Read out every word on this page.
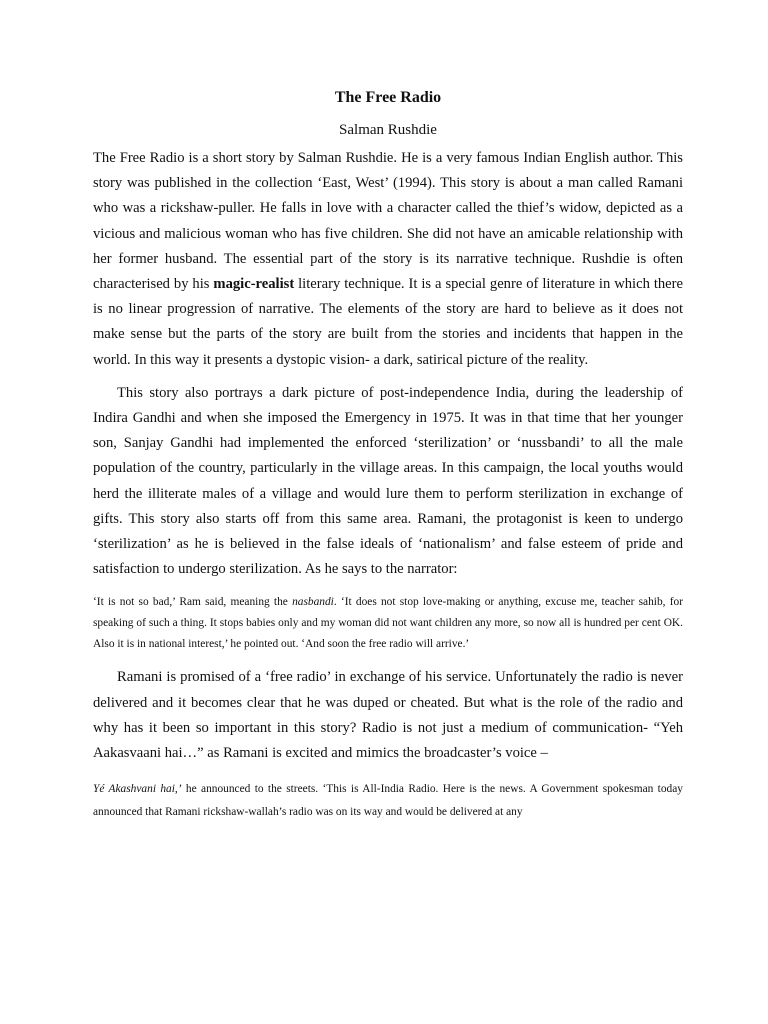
The Free Radio

Salman Rushdie

The Free Radio is a short story by Salman Rushdie. He is a very famous Indian English author. This story was published in the collection ‘East, West’ (1994). This story is about a man called Ramani who was a rickshaw-puller. He falls in love with a character called the thief’s widow, depicted as a vicious and malicious woman who has five children. She did not have an amicable relationship with her former husband. The essential part of the story is its narrative technique. Rushdie is often characterised by his magic-realist literary technique. It is a special genre of literature in which there is no linear progression of narrative. The elements of the story are hard to believe as it does not make sense but the parts of the story are built from the stories and incidents that happen in the world. In this way it presents a dystopic vision- a dark, satirical picture of the reality.

This story also portrays a dark picture of post-independence India, during the leadership of Indira Gandhi and when she imposed the Emergency in 1975. It was in that time that her younger son, Sanjay Gandhi had implemented the enforced ‘sterilization’ or ‘nussbandi’ to all the male population of the country, particularly in the village areas. In this campaign, the local youths would herd the illiterate males of a village and would lure them to perform sterilization in exchange of gifts. This story also starts off from this same area. Ramani, the protagonist is keen to undergo ‘sterilization’ as he is believed in the false ideals of ‘nationalism’ and false esteem of pride and satisfaction to undergo sterilization. As he says to the narrator:

‘It is not so bad,’ Ram said, meaning the nasbandi. ‘It does not stop love-making or anything, excuse me, teacher sahib, for speaking of such a thing. It stops babies only and my woman did not want children any more, so now all is hundred per cent OK. Also it is in national interest,’ he pointed out. ‘And soon the free radio will arrive.’

Ramani is promised of a ‘free radio’ in exchange of his service. Unfortunately the radio is never delivered and it becomes clear that he was duped or cheated. But what is the role of the radio and why has it been so important in this story? Radio is not just a medium of communication- “Yeh Aakasvaani hai…” as Ramani is excited and mimics the broadcaster’s voice –

Yé Akashvani hai,’ he announced to the streets. ‘This is All-India Radio. Here is the news. A Government spokesman today announced that Ramani rickshaw-wallah’s radio was on its way and would be delivered at any
